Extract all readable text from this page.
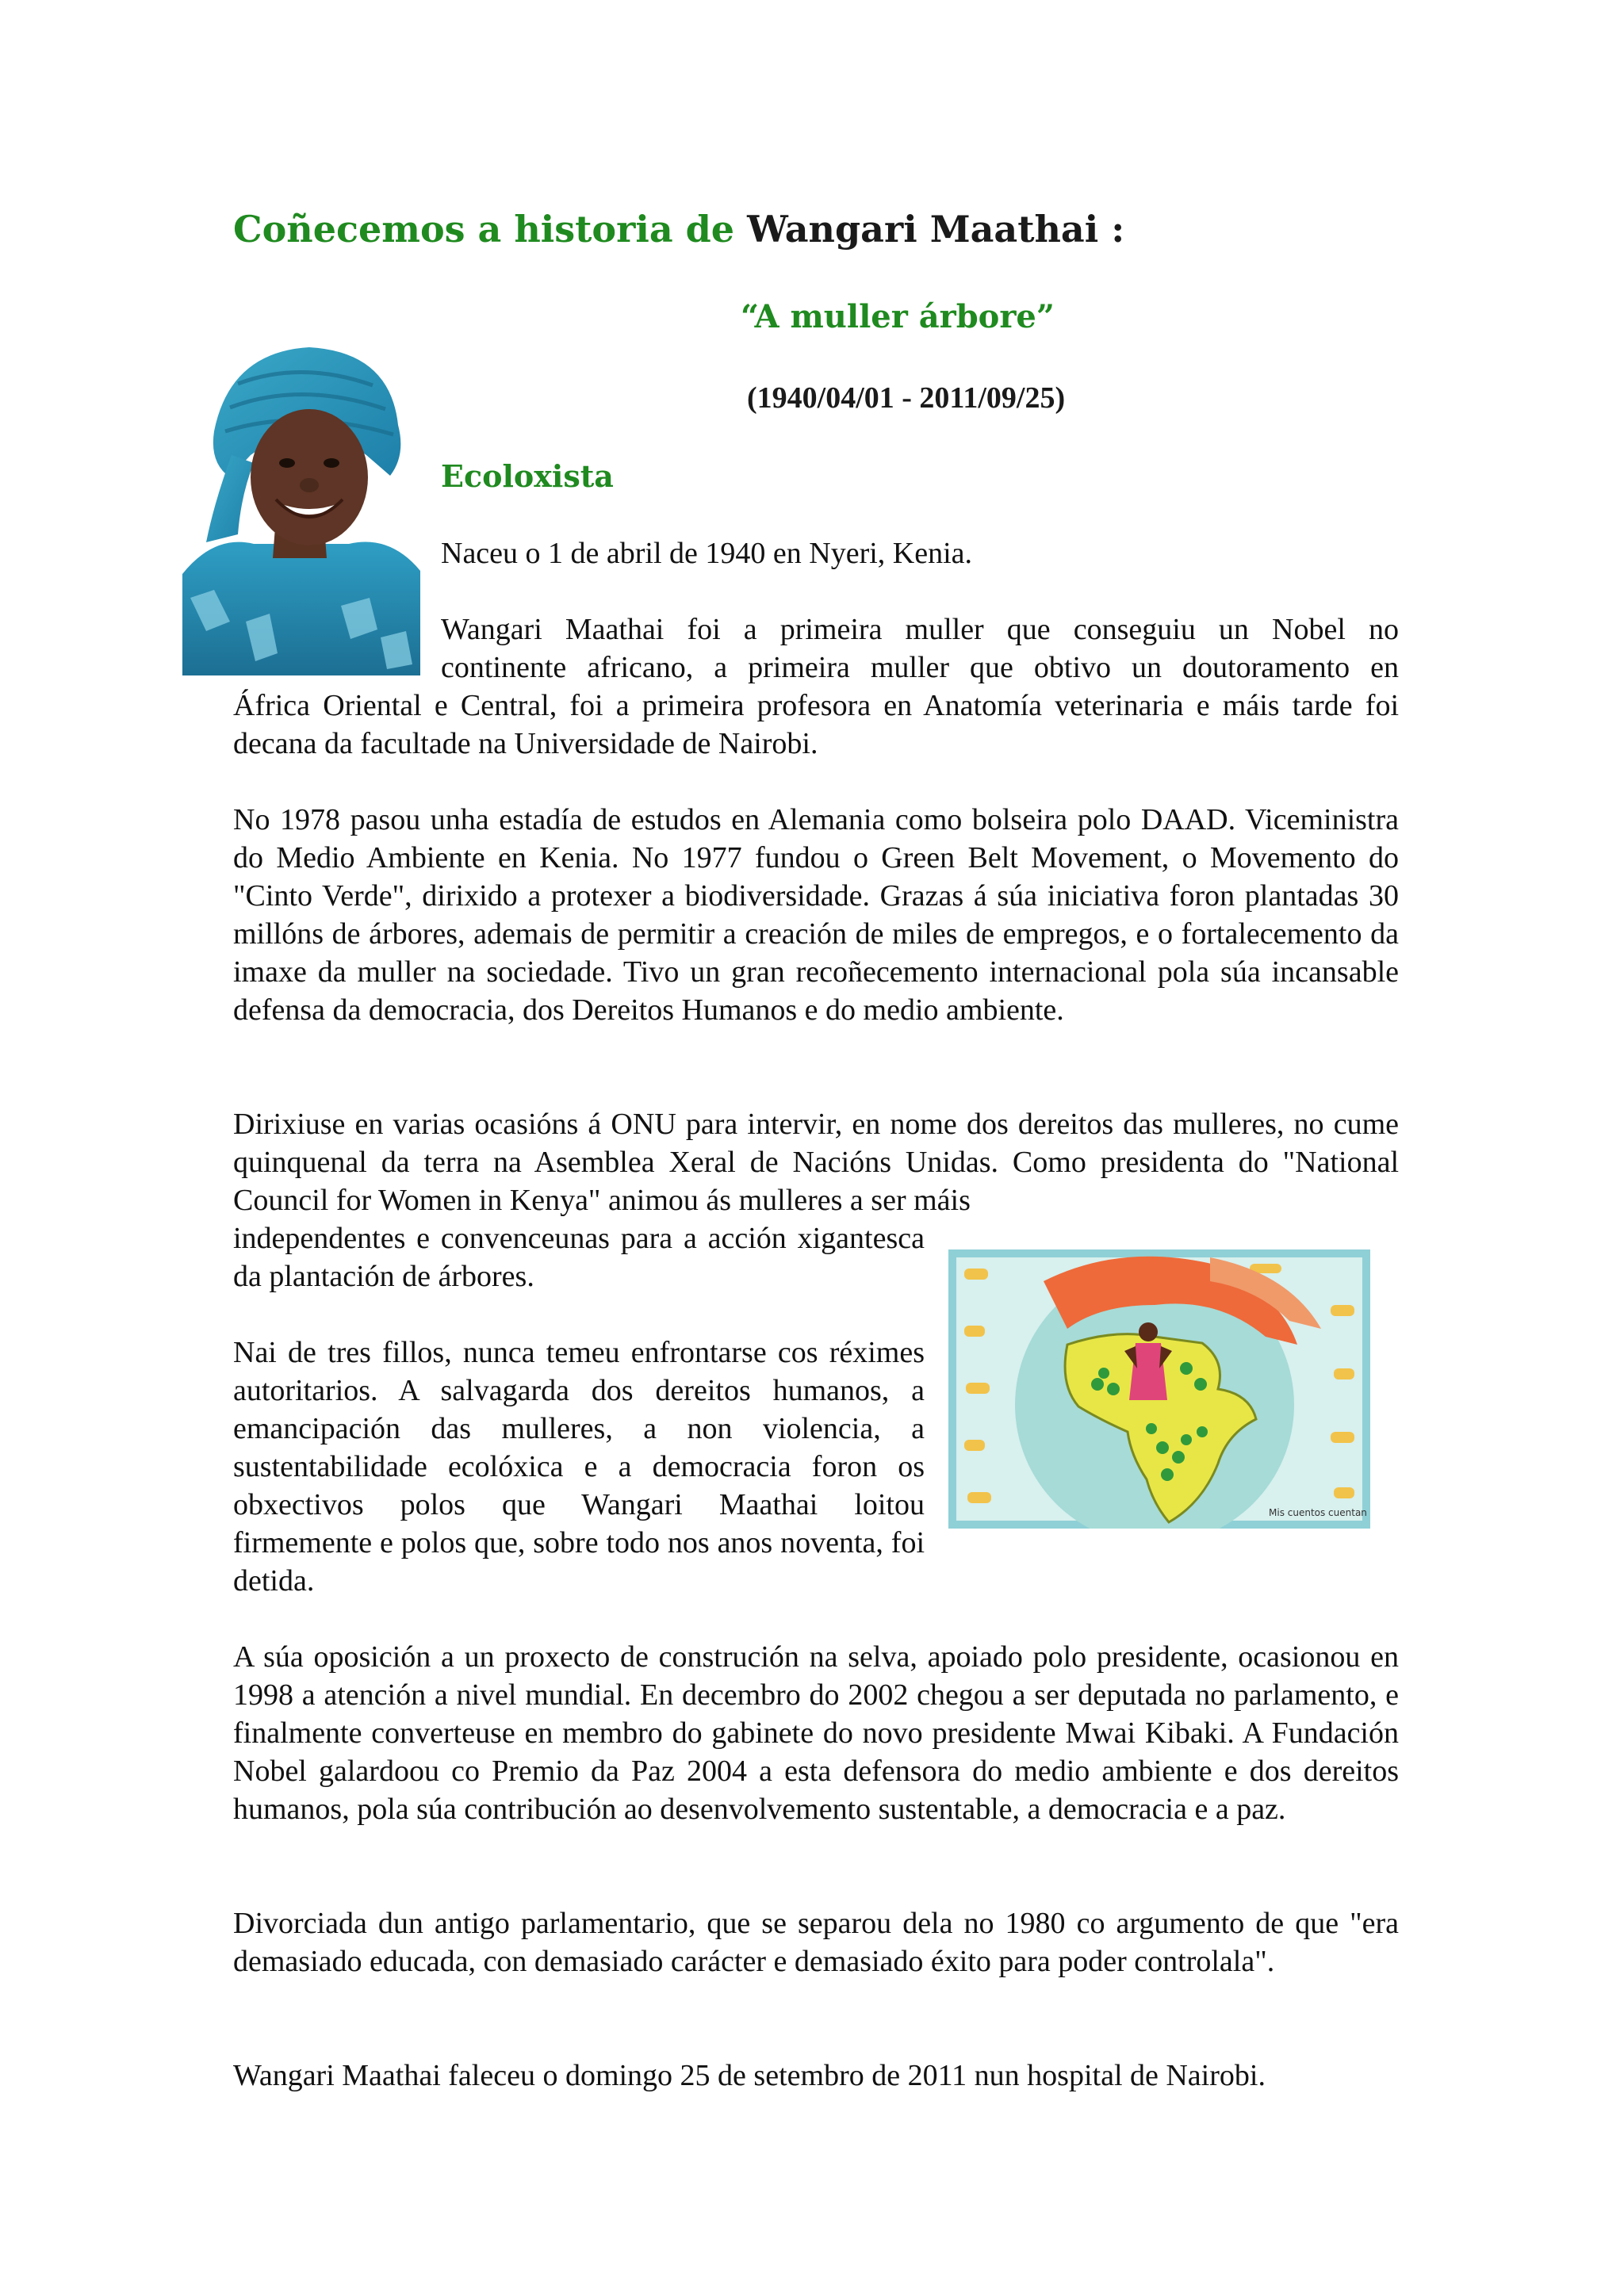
Coñecemos a historia de Wangari Maathai :
“A muller árbore”
(1940/04/01 - 2011/09/25)
Ecoloxista
Naceu o 1 de abril de 1940 en Nyeri, Kenia.
Wangari Maathai foi a primeira muller que conseguiu un Nobel no
continente africano, a primeira muller que obtivo un doutoramento en

África Oriental e Central, foi a primeira profesora en Anatomía veterinaria e máis tarde foi decana da facultade na Universidade de Nairobi.

No 1978 pasou unha estadía de estudos en Alemania como bolseira polo DAAD. Viceministra do Medio Ambiente en Kenia. No 1977 fundou o Green Belt Movement, o Movemento do "Cinto Verde", dirixido a protexer a biodiversidade. Grazas á súa iniciativa foron plantadas 30 millóns de árbores, ademais de permitir a creación de miles de empregos, e o fortalecemento da imaxe da muller na sociedade. Tivo un gran recoñecemento internacional pola súa incansable defensa da democracia, dos Dereitos Humanos e do medio ambiente.

Dirixiuse en varias ocasións á ONU para intervir, en nome dos dereitos das mulleres, no cume quinquenal da terra na Asemblea Xeral de Nacións Unidas. Como presidenta do "National Council for Women in Kenya" animou ás mulleres a ser máis

independentes e convenceunas para a acción xigantesca da plantación de árbores.

Mis cuentos cuentan

Nai de tres fillos, nunca temeu enfrontarse cos réximes autoritarios. A salvagarda dos dereitos humanos, a emancipación das mulleres, a non violencia, a sustentabilidade ecolóxica e a democracia foron os obxectivos polos que Wangari Maathai loitou firmemente e polos que, sobre todo nos anos noventa, foi detida.

A súa oposición a un proxecto de construción na selva, apoiado polo presidente, ocasionou en 1998 a atención a nivel mundial. En decembro do 2002 chegou a ser deputada no parlamento, e finalmente converteuse en membro do gabinete do novo presidente Mwai Kibaki. A Fundación Nobel galardoou co Premio da Paz 2004 a esta defensora do medio ambiente e dos dereitos humanos, pola súa contribución ao desenvolvemento sustentable, a democracia e a paz.

Divorciada dun antigo parlamentario, que se separou dela no 1980 co argumento de que "era demasiado educada, con demasiado carácter e demasiado éxito para poder controlala".

Wangari Maathai faleceu o domingo 25 de setembro de 2011 nun hospital de Nairobi.
